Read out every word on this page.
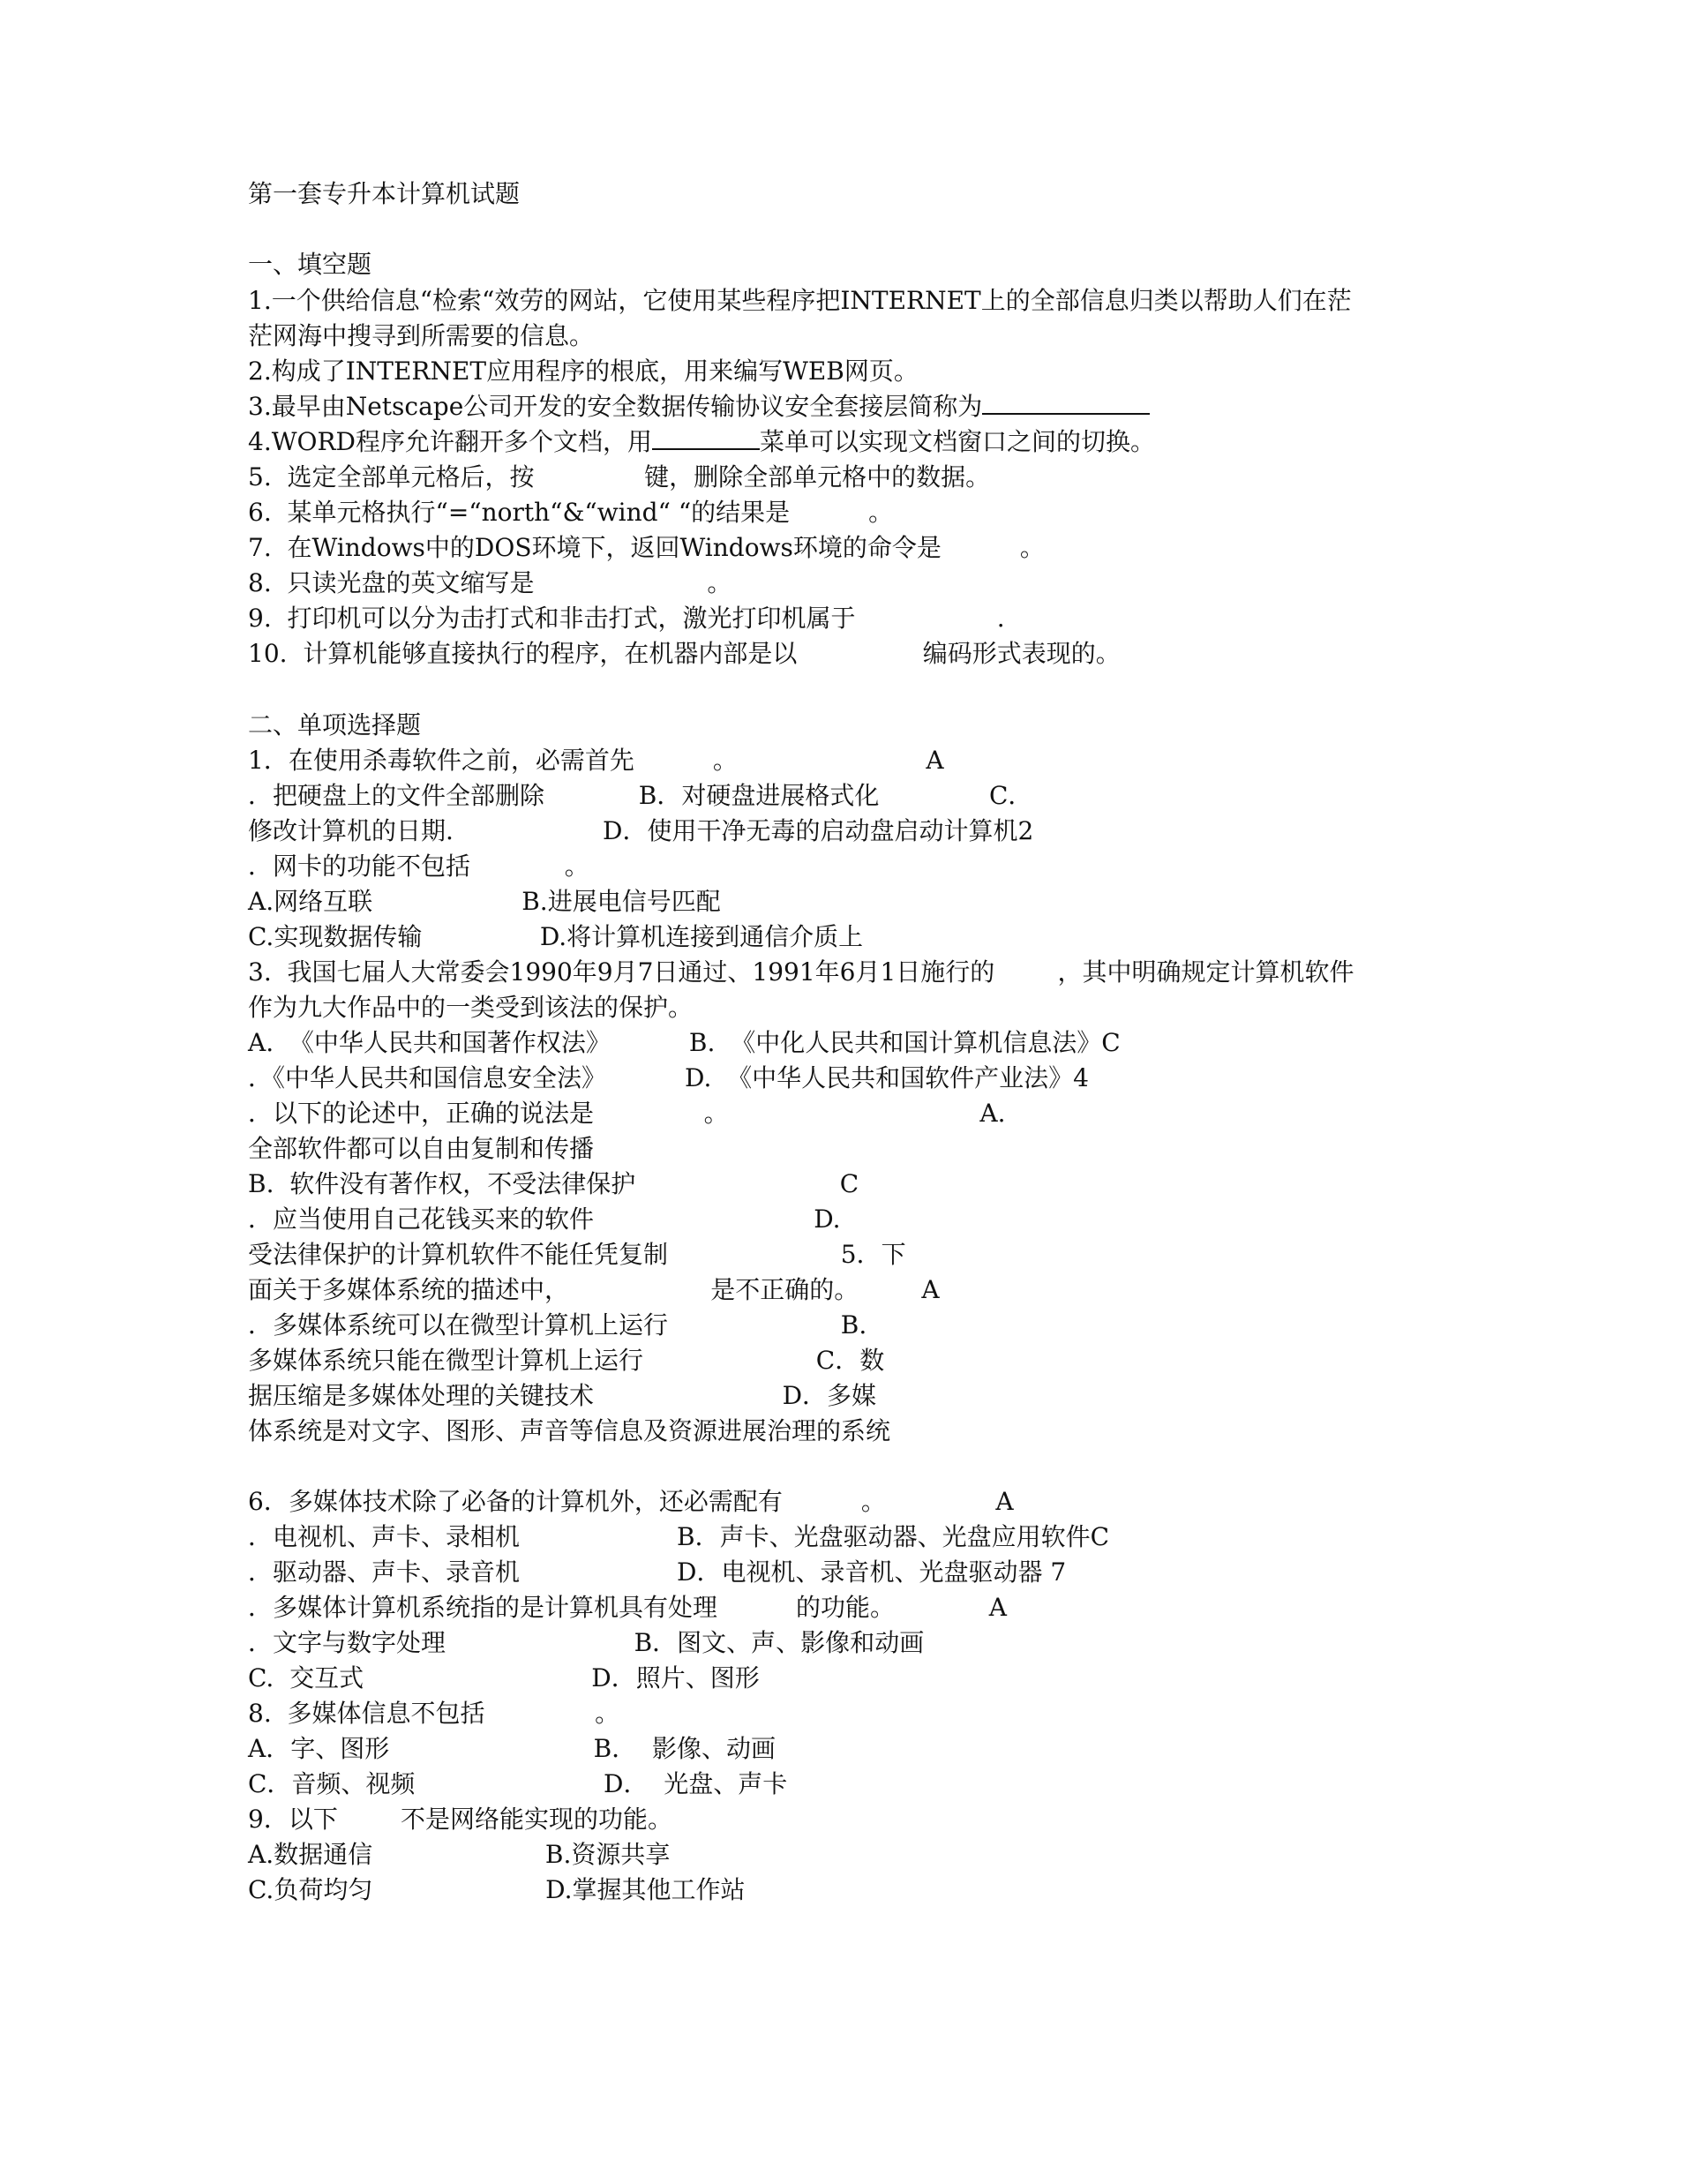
第一套专升本计算机试题
一、填空题
1.一个供给信息“检索“效劳的网站，它使用某些程序把INTERNET上的全部信息归类以帮助人们在茫
茫网海中搜寻到所需要的信息。
2.构成了INTERNET应用程序的根底，用来编写WEB网页。
3.最早由Netscape公司开发的安全数据传输协议安全套接层简称为
4.WORD程序允许翻开多个文档，用	菜单可以实现文档窗口之间的切换。
5.  选定全部单元格后，按              键，删除全部单元格中的数据。
6.  某单元格执行“=“north“&“wind“ “的结果是          。
7.  在Windows中的DOS环境下，返回Windows环境的命令是          。
8.  只读光盘的英文缩写是                      。
9.  打印机可以分为击打式和非击打式，激光打印机属于                  .
10.  计算机能够直接执行的程序，在机器内部是以                编码形式表现的。
二、单项选择题
1．在使用杀毒软件之前，必需首先          。                        A
．把硬盘上的文件全部删除            B．对硬盘进展格式化              C．
修改计算机的日期.                   D．使用干净无毒的启动盘启动计算机2
．网卡的功能不包括            。
A.网络互联                   B.进展电信号匹配
C.实现数据传输               D.将计算机连接到通信介质上
3.  我国七届人大常委会1990年9月7日通过、1991年6月1日施行的        ，其中明确规定计算机软件
作为九大作品中的一类受到该法的保护。
A.  《中华人民共和国著作权法》          B.  《中化人民共和国计算机信息法》C
．《中华人民共和国信息安全法》          D.  《中华人民共和国软件产业法》4
．以下的论述中，正确的说法是              。                                A.
全部软件都可以自由复制和传播
B.  软件没有著作权，不受法律保护                          C
．应当使用自己花钱买来的软件                            D.
受法律保护的计算机软件不能任凭复制                      5．下
面关于多媒体系统的描述中，                  是不正确的。        A
．多媒体系统可以在微型计算机上运行                      B.
多媒体系统只能在微型计算机上运行                      C．数
据压缩是多媒体处理的关键技术                        D．多媒
体系统是对文字、图形、声音等信息及资源进展治理的系统
6．多媒体技术除了必备的计算机外，还必需配有          。              A
．电视机、声卡、录相机                    B．声卡、光盘驱动器、光盘应用软件C
．驱动器、声卡、录音机                    D．电视机、录音机、光盘驱动器 7
．多媒体计算机系统指的是计算机具有处理          的功能。            A
．文字与数字处理                        B．图文、声、影像和动画
C.  交互式                             D．照片、图形
8.  多媒体信息不包括              。
A．字、图形                          B．  影像、动画
C．音频、视频                        D．  光盘、声卡
9．以下        不是网络能实现的功能。
A.数据通信                      B.资源共享
C.负荷均匀                      D.掌握其他工作站
